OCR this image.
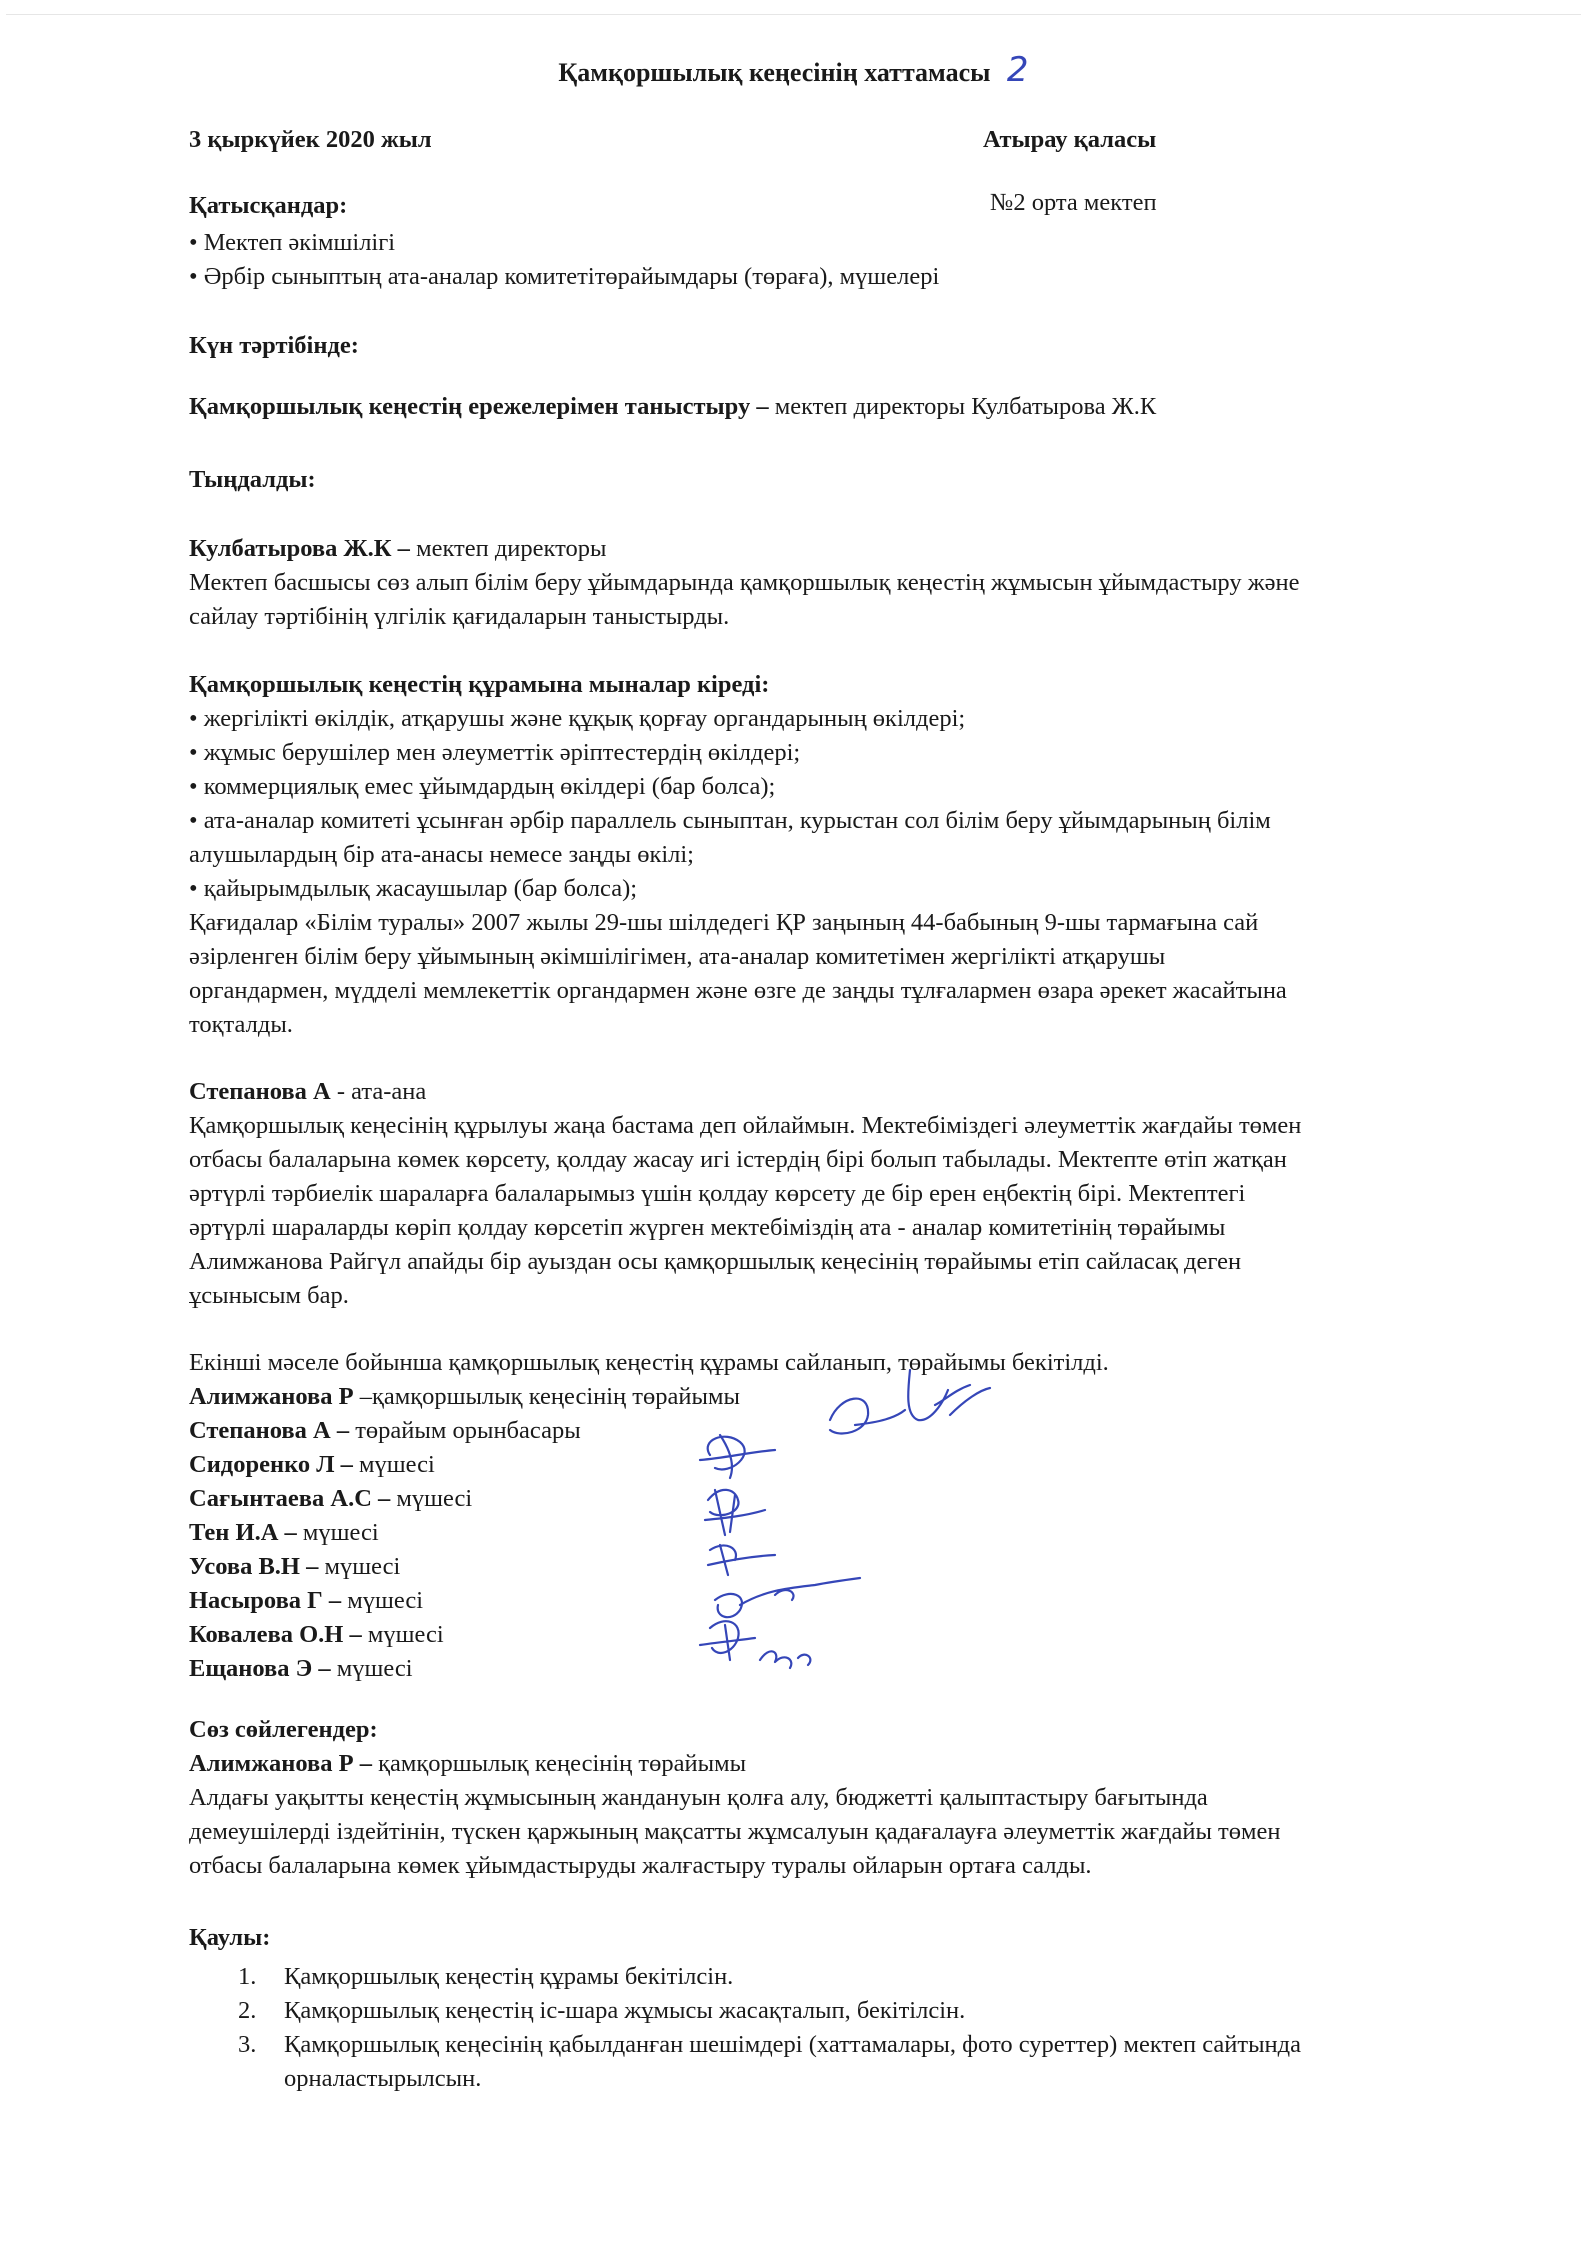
Қамқоршылық кеңесінің хаттамасы 2
3 қыркүйек 2020 жыл	Атырау қаласы
Қатысқандар:	№2 орта мектеп

• Мектеп әкімшілігі

• Әрбір сыныптың ата-аналар комитетітөрайымдары (төраға), мүшелері

Күн тәртібінде:
Қамқоршылық кеңестің ережелерімен таныстыру – мектеп директоры Кулбатырова Ж.К
Тыңдалды:

Кулбатырова Ж.К – мектеп директоры

Мектеп басшысы сөз алып білім беру ұйымдарында қамқоршылық кеңестің жұмысын ұйымдастыру және

сайлау тәртібінің үлгілік қағидаларын таныстырды.

Қамқоршылық кеңестің құрамына мыналар кіреді:

• жергілікті өкілдік, атқарушы және құқық қорғау органдарының өкілдері;

• жұмыс берушілер мен әлеуметтік әріптестердің өкілдері;

• коммерциялық емес ұйымдардың өкілдері (бар болса);

• ата-аналар комитеті ұсынған әрбір параллель сыныптан, курыстан сол білім беру ұйымдарының білім

алушылардың бір ата-анасы немесе заңды өкілі;

• қайырымдылық жасаушылар (бар болса);

Қағидалар «Білім туралы» 2007 жылы 29-шы шілдедегі ҚР заңының 44-бабының 9-шы тармағына сай

әзірленген білім беру ұйымының әкімшілігімен, ата-аналар комитетімен жергілікті атқарушы

органдармен, мүдделі мемлекеттік органдармен және өзге де заңды тұлғалармен өзара әрекет жасайтына

тоқталды.

Степанова А - ата-ана

Қамқоршылық кеңесінің құрылуы жаңа бастама деп ойлаймын. Мектебіміздегі әлеуметтік жағдайы төмен

отбасы балаларына көмек көрсету, қолдау жасау игі істердің бірі болып табылады. Мектепте өтіп жатқан

әртүрлі тәрбиелік шараларға балаларымыз үшін қолдау көрсету де бір ерен еңбектің бірі. Мектептегі

әртүрлі шараларды көріп қолдау көрсетіп жүрген мектебіміздің ата - аналар комитетінің төрайымы

Алимжанова Райгүл апайды бір ауыздан осы қамқоршылық кеңесінің төрайымы етіп сайласақ деген

ұсынысым бар.

Екінші мәселе бойынша қамқоршылық кеңестің құрамы сайланып, төрайымы бекітілді.

Алимжанова Р –қамқоршылық кеңесінің төрайымы

Степанова А – төрайым орынбасары

Сидоренко Л – мүшесі

Сағынтаева А.С – мүшесі

Тен И.А – мүшесі

Усова В.Н – мүшесі

Насырова Г – мүшесі

Ковалева О.Н – мүшесі

Ещанова Э – мүшесі

Сөз сөйлегендер:

Алимжанова Р – қамқоршылық кеңесінің төрайымы

Алдағы уақытты кеңестің жұмысының жандануын қолға алу, бюджетті қалыптастыру бағытында

демеушілерді іздейтінін, түскен қаржының мақсатты жұмсалуын қадағалауға әлеуметтік жағдайы төмен

отбасы балаларына көмек ұйымдастыруды жалғастыру туралы ойларын ортаға салды.

Қаулы:
1. Қамқоршылық кеңестің құрамы бекітілсін.
2. Қамқоршылық кеңестің іс-шара жұмысы жасақталып, бекітілсін.
3. Қамқоршылық кеңесінің қабылданған шешімдері (хаттамалары, фото суреттер) мектеп сайтында
орналастырылсын.
